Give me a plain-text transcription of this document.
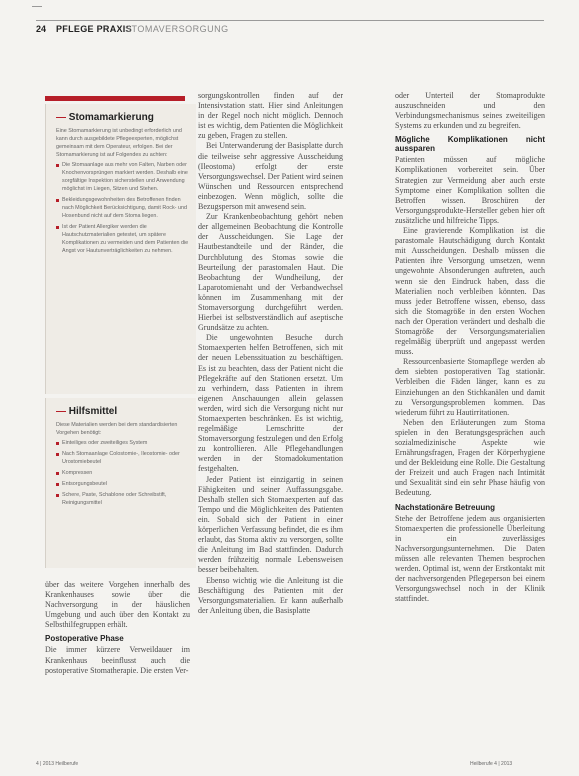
24 PFLEGE PRAXIS
STOMAVERSORGUNG
— Stomamarkierung

Eine Stomamarkierung ist unbedingt erforderlich und kann durch ausgebildete Pflegeexperten, möglichst gemeinsam mit dem Operateur, erfolgen. Bei der Stomamarkierung ist auf Folgendes zu achten:

Die Stomaanlage aus mehr von Falten, Narben oder Knochenvorsprüngen markiert werden. Deshalb eine sorgfältige Inspektion sicherstellen und Anwendung möglichst im Liegen, Sitzen und Stehen.
Bekleidungsgewohnheiten des Betroffenen finden nach Möglichkeit Berücksichtigung, damit Rock- und Hosenbund nicht auf dem Stoma liegen.
Ist der Patient Allergiker werden die Hautschutzmaterialien getestet, um spätere Komplikationen zu vermeiden und dem Patienten die Angst vor Hautunverträglichkeiten zu nehmen.
— Hilfsmittel

Diese Materialien werden bei dem standardisierten Vorgehen benötigt:

Einteiliges oder zweiteiliges System
Nach Stomaanlage Colostomie-, Ileostomie- oder Urostomiebeutel
Kompressen
Entsorgungsbeutel
Schere, Paste, Schablone oder Schreibstift, Reinigungsmittel

über das weitere Vorgehen innerhalb des Krankenhauses sowie über die Nachversorgung in der häuslichen Umgebung und auch über den Kontakt zu Selbsthilfegruppen erhält.

Postoperative Phase

Die immer kürzere Verweildauer im Krankenhaus beeinflusst auch die postoperative Stomatherapie. Die ersten Ver-

sorgungskontrollen finden auf der Intensivstation statt. Hier sind Anleitungen in der Regel noch nicht möglich. Dennoch ist es wichtig, dem Patienten die Möglichkeit zu geben, Fragen zu stellen.

Bei Unterwanderung der Basisplatte durch die teilweise sehr aggressive Ausscheidung (Ileostoma) erfolgt der erste Versorgungswechsel. Der Patient wird seinen Wünschen und Ressourcen entsprechend einbezogen. Wenn möglich, sollte die Bezugsperson mit anwesend sein.

Zur Krankenbeobachtung gehört neben der allgemeinen Beobachtung die Kontrolle der Ausscheidungen. Sie Lage der Hautbestandteile und der Ränder, die Durchblutung des Stomas sowie die Beurteilung der parastomalen Haut. Die Beobachtung der Wundheilung, der Laparotomienaht und der Verbandwechsel können im Zusammenhang mit der Stomaversorgung durchgeführt werden. Hierbei ist selbstverständlich auf aseptische Grundsätze zu achten.

Die ungewohnten Besuche durch Stomaexperten helfen Betroffenen, sich mit der neuen Lebenssituation zu beschäftigen. Es ist zu beachten, dass der Patient nicht die Pflegekräfte auf den Stationen ersetzt. Um zu verhindern, dass Patienten in ihrem eigenen Anschauungen allein gelassen werden, wird sich die Versorgung nicht nur Stomaexperten beschränken. Es ist wichtig, regelmäßige Lernschritte der Stomaversorgung festzulegen und den Erfolg zu kontrollieren. Alle Pflegehandlungen werden in der Stomadokumentation festgehalten.

Jeder Patient ist einzigartig in seinen Fähigkeiten und seiner Auffassungsgabe. Deshalb stellen sich Stomaexperten auf das Tempo und die Möglichkeiten des Patienten ein. Sobald sich der Patient in einer körperlichen Verfassung befindet, die es ihm erlaubt, das Stoma aktiv zu versorgen, sollte die Anleitung im Bad stattfinden. Dadurch werden frühzeitig normale Lebensweisen besser beibehalten.

Ebenso wichtig wie die Anleitung ist die Beschäftigung des Patienten mit der Versorgungsmaterialien. Er kann außerhalb der Anleitung üben, die Basisplatte

oder Unterteil der Stomaprodukte auszuschneiden und den Verbindungsmechanismus seines zweiteiligen Systems zu erkunden und zu begreifen.

Mögliche Komplikationen nicht aussparen

Patienten müssen auf mögliche Komplikationen vorbereitet sein. Über Strategien zur Vermeidung aber auch erste Symptome einer Komplikation sollten die Betroffen wissen. Broschüren der Versorgungsprodukte-Hersteller geben hier oft zusätzliche und hilfreiche Tipps.

Eine gravierende Komplikation ist die parastomale Hautschädigung durch Kontakt mit Ausscheidungen. Deshalb müssen die Patienten ihre Versorgung umsetzen, wenn ungewohnte Absonderungen auftreten, auch wenn sie den Eindruck haben, dass die Materialien noch verbleiben könnten. Das muss jeder Betroffene wissen, ebenso, dass sich die Stomagröße in den ersten Wochen nach der Operation verändert und deshalb die Stomagröße der Versorgungsmaterialien regelmäßig überprüft und angepasst werden muss.

Ressourcenbasierte Stomapflege werden ab dem siebten postoperativen Tag stationär. Verbleiben die Fäden länger, kann es zu Einziehungen an den Stichkanälen und damit zu Versorgungsproblemen kommen. Das wiederum führt zu Hautirritationen.

Neben den Erläuterungen zum Stoma spielen in den Beratungsgesprächen auch sozialmedizinische Aspekte wie Ernährungsfragen, Fragen der Körperhygiene und der Bekleidung eine Rolle. Die Gestaltung der Freizeit und auch Fragen nach Intimität und Sexualität sind ein sehr Phase häufig von Bedeutung.

Nachstationäre Betreuung

Stehe der Betroffene jedem aus organisierten Stomaexperten die professionelle Überleitung in ein zuverlässiges Nachversorgungsunternehmen. Die Daten müssen alle relevanten Themen besprochen werden. Optimal ist, wenn der Erstkontakt mit der nachversorgenden Pflegeperson bei einem Versorgungswechsel noch in der Klinik stattfindet.

4 | 2013 Heilberufe	Heilberufe 4 | 2013
